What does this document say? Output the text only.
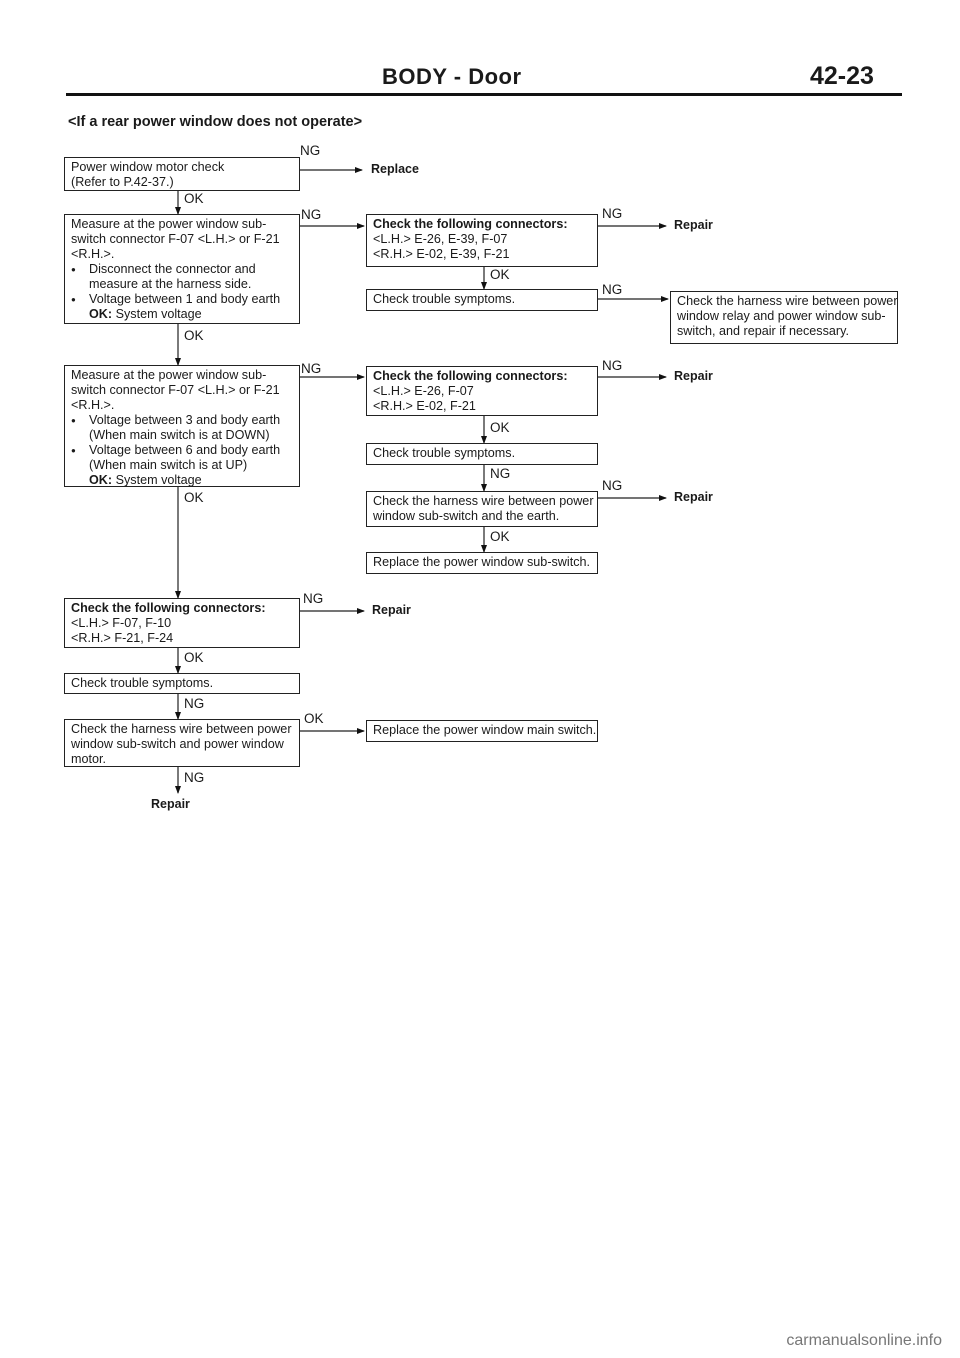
BODY - Door	42-23
<If a rear power window does not operate>
Power window motor check
(Refer to P.42-37.)
Measure at the power window sub-
switch connector F-07 <L.H.> or F-21
<R.H.>.
● Disconnect the connector and
measure at the harness side.
● Voltage between 1 and body earth
OK: System voltage
Check the following connectors:
<L.H.> E-26, E-39, F-07
<R.H.> E-02, E-39, F-21
Check trouble symptoms.	Check the harness wire between power
window relay and power window sub-
switch, and repair if necessary.
Measure at the power window sub-
switch connector F-07 <L.H.> or F-21
<R.H.>.
● Voltage between 3 and body earth
(When main switch is at DOWN)
● Voltage between 6 and body earth
(When main switch is at UP)
OK: System voltage
Check the following connectors:
<L.H.> E-26, F-07
<R.H.> E-02, F-21
Check trouble symptoms.
Check the harness wire between power
window sub-switch and the earth.
Replace the power window sub-switch.
Check the following connectors:
<L.H.> F-07, F-10
<R.H.> F-21, F-24
Check trouble symptoms.
Check the harness wire between power
window sub-switch and power window
motor.
Replace the power window main switch.
NG
OK
NG	NG
OK
NG
OK
NG	NG
OK
NG
NG
OK
OK
NG
OK
NG
OK
NG
Replace
Repair
Repair
Repair
Repair
Repair
carmanualsonline.info
